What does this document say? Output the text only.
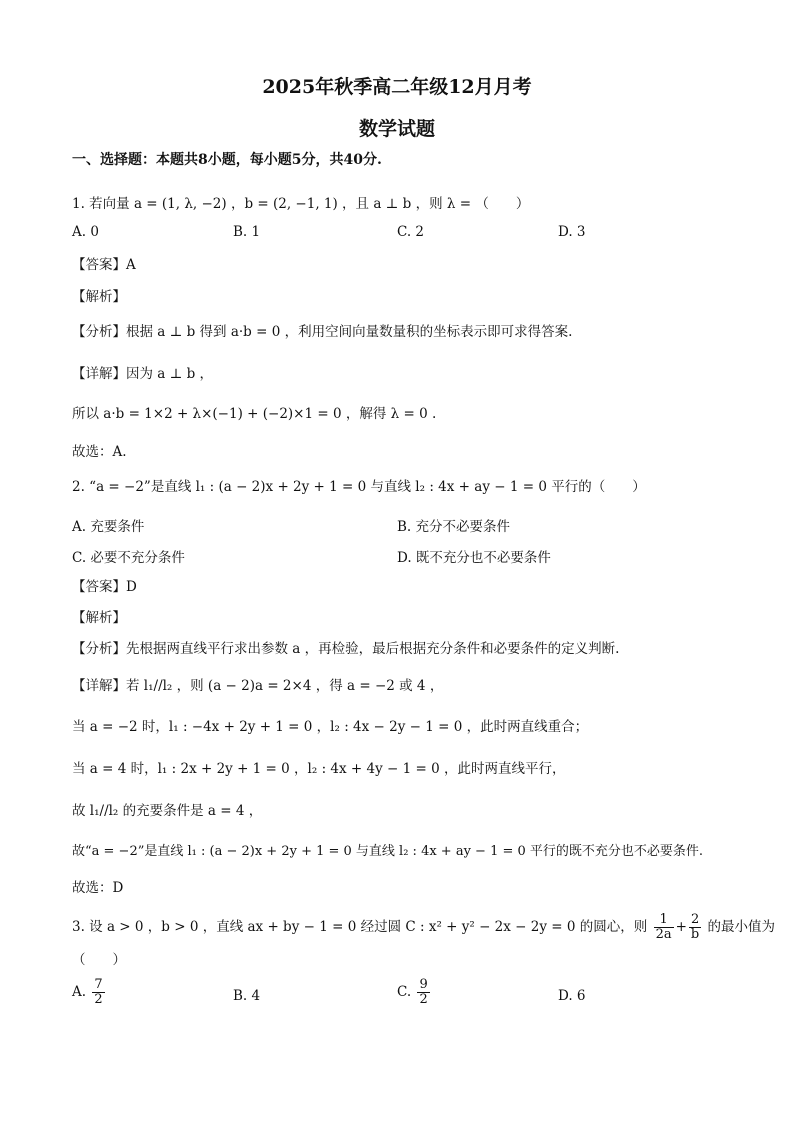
2025年秋季高二年级12月月考
数学试题
一、选择题：本题共8小题，每小题5分，共40分.
1. 若向量 a = (1, λ, −2) ，b = (2, −1, 1) ，且 a ⊥ b ，则 λ = （　　）
A. 0	B. 1	C. 2	D. 3
【答案】A
【解析】
【分析】根据 a ⊥ b 得到 a·b = 0 ，利用空间向量数量积的坐标表示即可求得答案.
【详解】因为 a ⊥ b ，
所以 a·b = 1×2 + λ×(−1) + (−2)×1 = 0 ，解得 λ = 0 .
故选：A.
2. “a = −2”是直线 l₁ : (a − 2)x + 2y + 1 = 0 与直线 l₂ : 4x + ay − 1 = 0 平行的（　　）
A. 充要条件	B. 充分不必要条件
C. 必要不充分条件	D. 既不充分也不必要条件
【答案】D
【解析】
【分析】先根据两直线平行求出参数 a ，再检验，最后根据充分条件和必要条件的定义判断.
【详解】若 l₁//l₂ ，则 (a − 2)a = 2×4 ，得 a = −2 或 4 ，
当 a = −2 时，l₁ : −4x + 2y + 1 = 0 ，l₂ : 4x − 2y − 1 = 0 ，此时两直线重合；
当 a = 4 时，l₁ : 2x + 2y + 1 = 0 ，l₂ : 4x + 4y − 1 = 0 ，此时两直线平行，
故 l₁//l₂ 的充要条件是 a = 4 ，
故“a = −2”是直线 l₁ : (a − 2)x + 2y + 1 = 0 与直线 l₂ : 4x + ay − 1 = 0 平行的既不充分也不必要条件.
故选：D
3. 设 a > 0 ，b > 0 ，直线 ax + by − 1 = 0 经过圆 C : x² + y² − 2x − 2y = 0 的圆心，则 $\frac{1}{2a} + \frac{2}{b}$ 的最小值为
（　　）
A. $\frac{7}{2}$	B. 4	C. $\frac{9}{2}$	D. 6
